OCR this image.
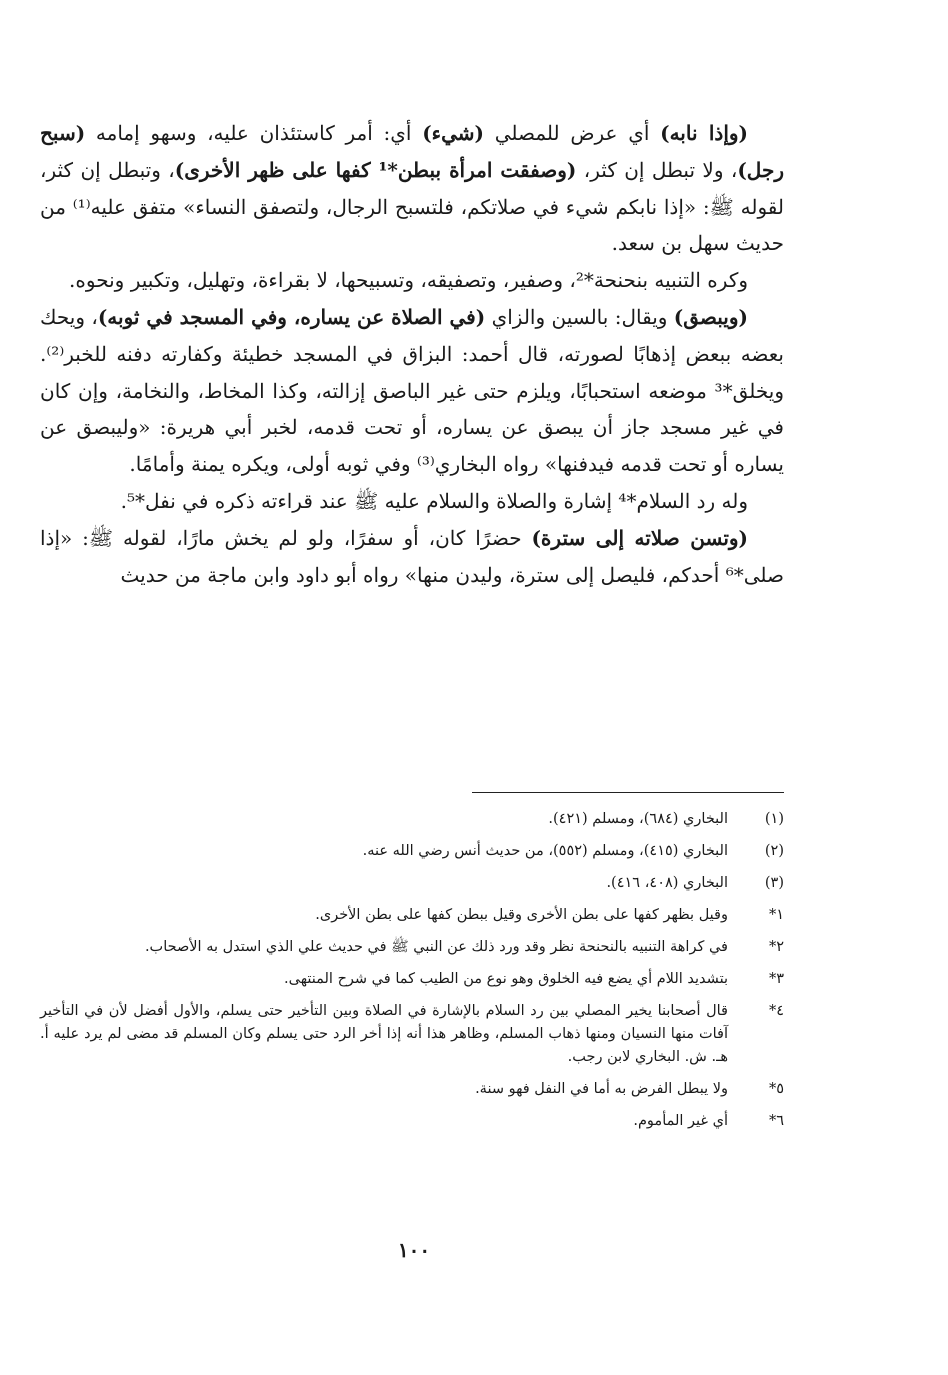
(وإذا نابه) أي عرض للمصلي (شيء) أي: أمر كاستئذان عليه، وسهو إمامه (سبح رجل)، ولا تبطل إن كثر، (وصفقت امرأة ببطن*¹ كفها على ظهر الأخرى)، وتبطل إن كثر، لقوله ﷺ: «إذا نابكم شيء في صلاتكم، فلتسبح الرجال، ولتصفق النساء» متفق عليه⁽¹⁾ من حديث سهل بن سعد.

وكره التنبيه بنحنحة*²، وصفير، وتصفيقه، وتسبيحها، لا بقراءة، وتهليل، وتكبير ونحوه.

(ويبصق) ويقال: بالسين والزاي (في الصلاة عن يساره، وفي المسجد في ثوبه)، ويحك بعضه ببعض إذهابًا لصورته، قال أحمد: البزاق في المسجد خطيئة وكفارته دفنه للخبر⁽²⁾. ويخلق*³ موضعه استحبابًا، ويلزم حتى غير الباصق إزالته، وكذا المخاط، والنخامة، وإن كان في غير مسجد جاز أن يبصق عن يساره، أو تحت قدمه، لخبر أبي هريرة: «وليبصق عن يساره أو تحت قدمه فيدفنها» رواه البخاري⁽³⁾ وفي ثوبه أولى، ويكره يمنة وأمامًا.

وله رد السلام*⁴ إشارة والصلاة والسلام عليه ﷺ عند قراءته ذكره في نفل*⁵.

(وتسن صلاته إلى سترة) حضرًا كان، أو سفرًا، ولو لم يخش مارًا، لقوله ﷺ: «إذا صلى*⁶ أحدكم، فليصل إلى سترة، وليدن منها» رواه أبو داود وابن ماجة من حديث

(١)
البخاري (٦٨٤)، ومسلم (٤٢١).
(٢)
البخاري (٤١٥)، ومسلم (٥٥٢)، من حديث أنس رضي الله عنه.
(٣)
البخاري (٤٠٨، ٤١٦).
١*
وقيل بظهر كفها على بطن الأخرى وقيل ببطن كفها على بطن الأخرى.
٢*
في كراهة التنبيه بالنحنحة نظر وقد ورد ذلك عن النبي ﷺ في حديث علي الذي استدل به الأصحاب.
٣*
بتشديد اللام أي يضع فيه الخلوق وهو نوع من الطيب كما في شرح المنتهى.
٤*
قال أصحابنا يخير المصلي بين رد السلام بالإشارة في الصلاة وبين التأخير حتى يسلم، والأول أفضل لأن في التأخير آفات منها النسيان ومنها ذهاب المسلم، وظاهر هذا أنه إذا أخر الرد حتى يسلم وكان المسلم قد مضى لم يرد عليه أ. هـ. ش. البخاري لابن رجب.
٥*
ولا يبطل الفرض به أما في النفل فهو سنة.
٦*
أي غير المأموم.
١٠٠
